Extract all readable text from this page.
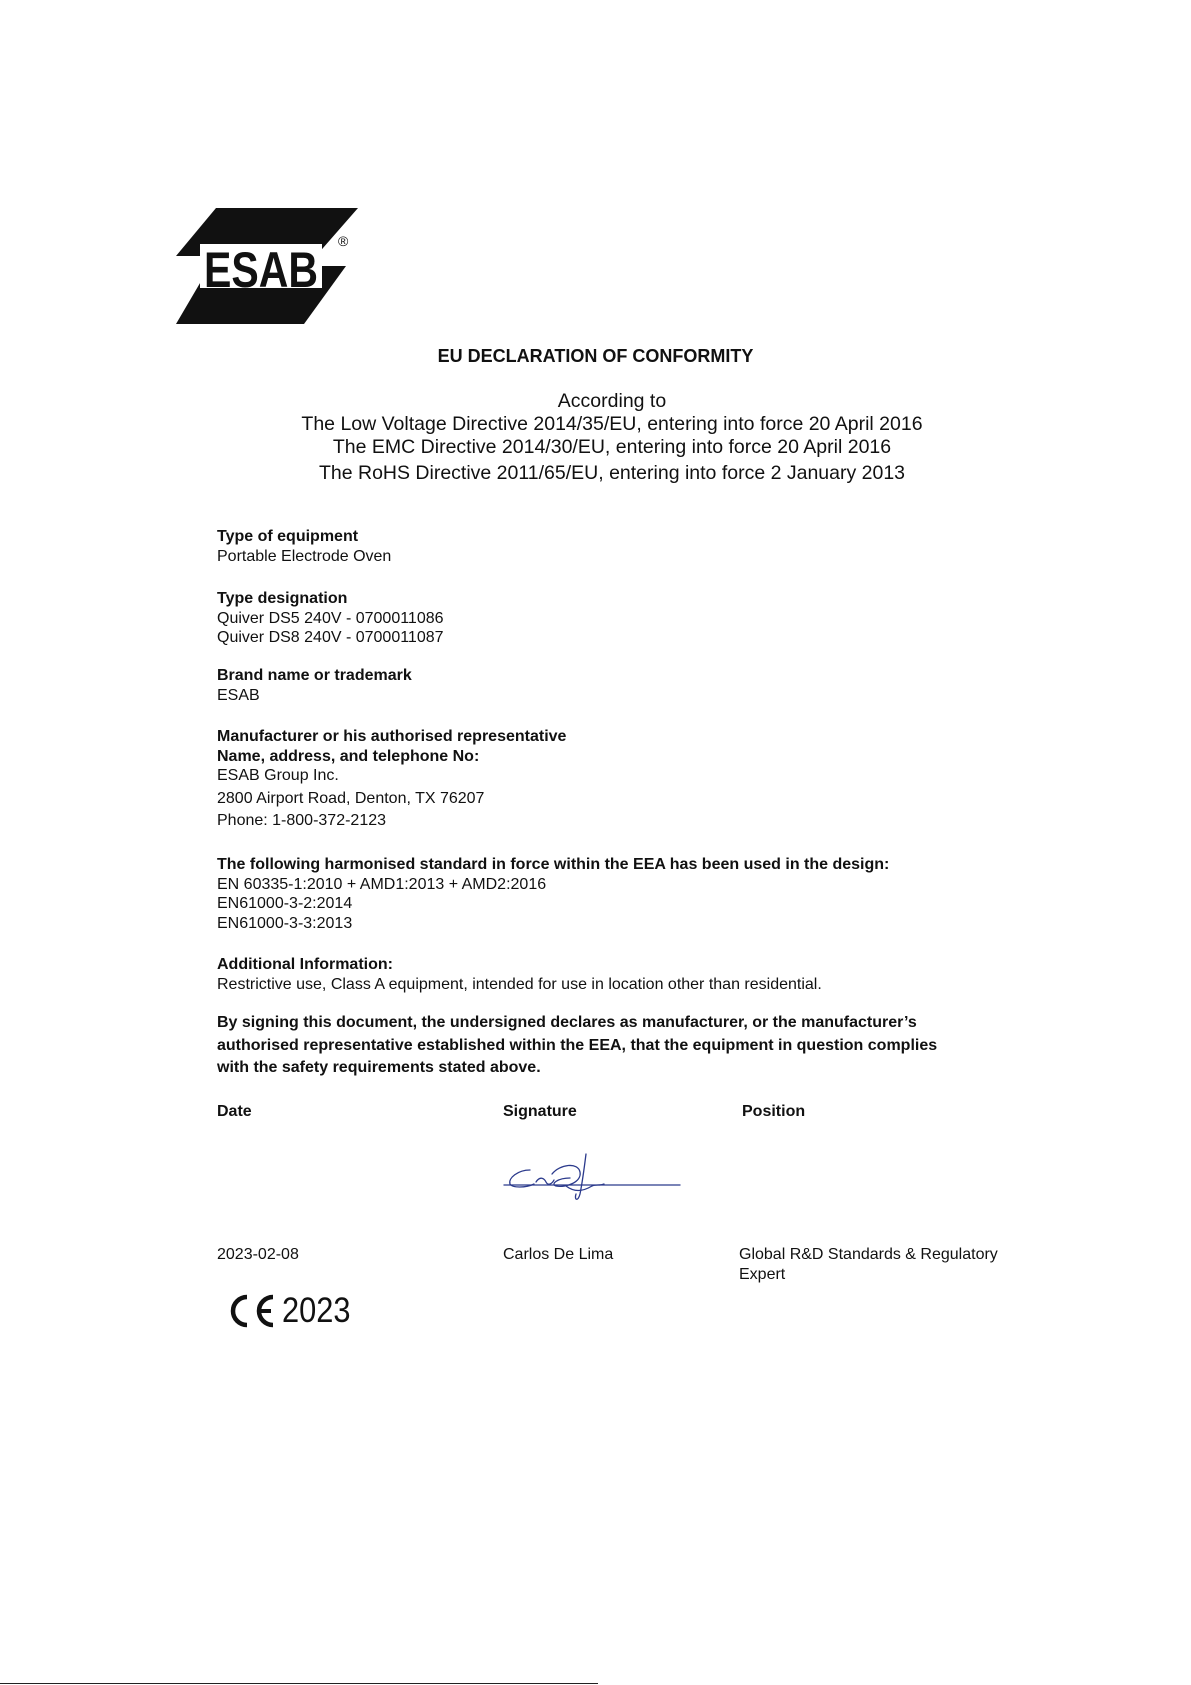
ESAB
®
EU DECLARATION OF CONFORMITY
According to
The Low Voltage Directive 2014/35/EU, entering into force 20 April 2016
The EMC Directive 2014/30/EU, entering into force 20 April 2016
The RoHS Directive 2011/65/EU, entering into force 2 January 2013
Type of equipment
Portable Electrode Oven
Type designation
Quiver DS5 240V - 0700011086
Quiver DS8 240V - 0700011087
Brand name or trademark
ESAB
Manufacturer or his authorised representative
Name, address, and telephone No:
ESAB Group Inc.
2800 Airport Road, Denton, TX 76207
Phone: 1-800-372-2123
The following harmonised standard in force within the EEA has been used in the design:
EN 60335-1:2010 + AMD1:2013 + AMD2:2016
EN61000-3-2:2014
EN61000-3-3:2013
Additional Information:
Restrictive use, Class A equipment, intended for use in location other than residential.
By signing this document, the undersigned declares as manufacturer, or the manufacturer’s
authorised representative established within the EEA, that the equipment in question complies
with the safety requirements stated above.
Date	Signature	Position
2023-02-08	Carlos De Lima	Global R&D Standards & Regulatory
Expert
2023
